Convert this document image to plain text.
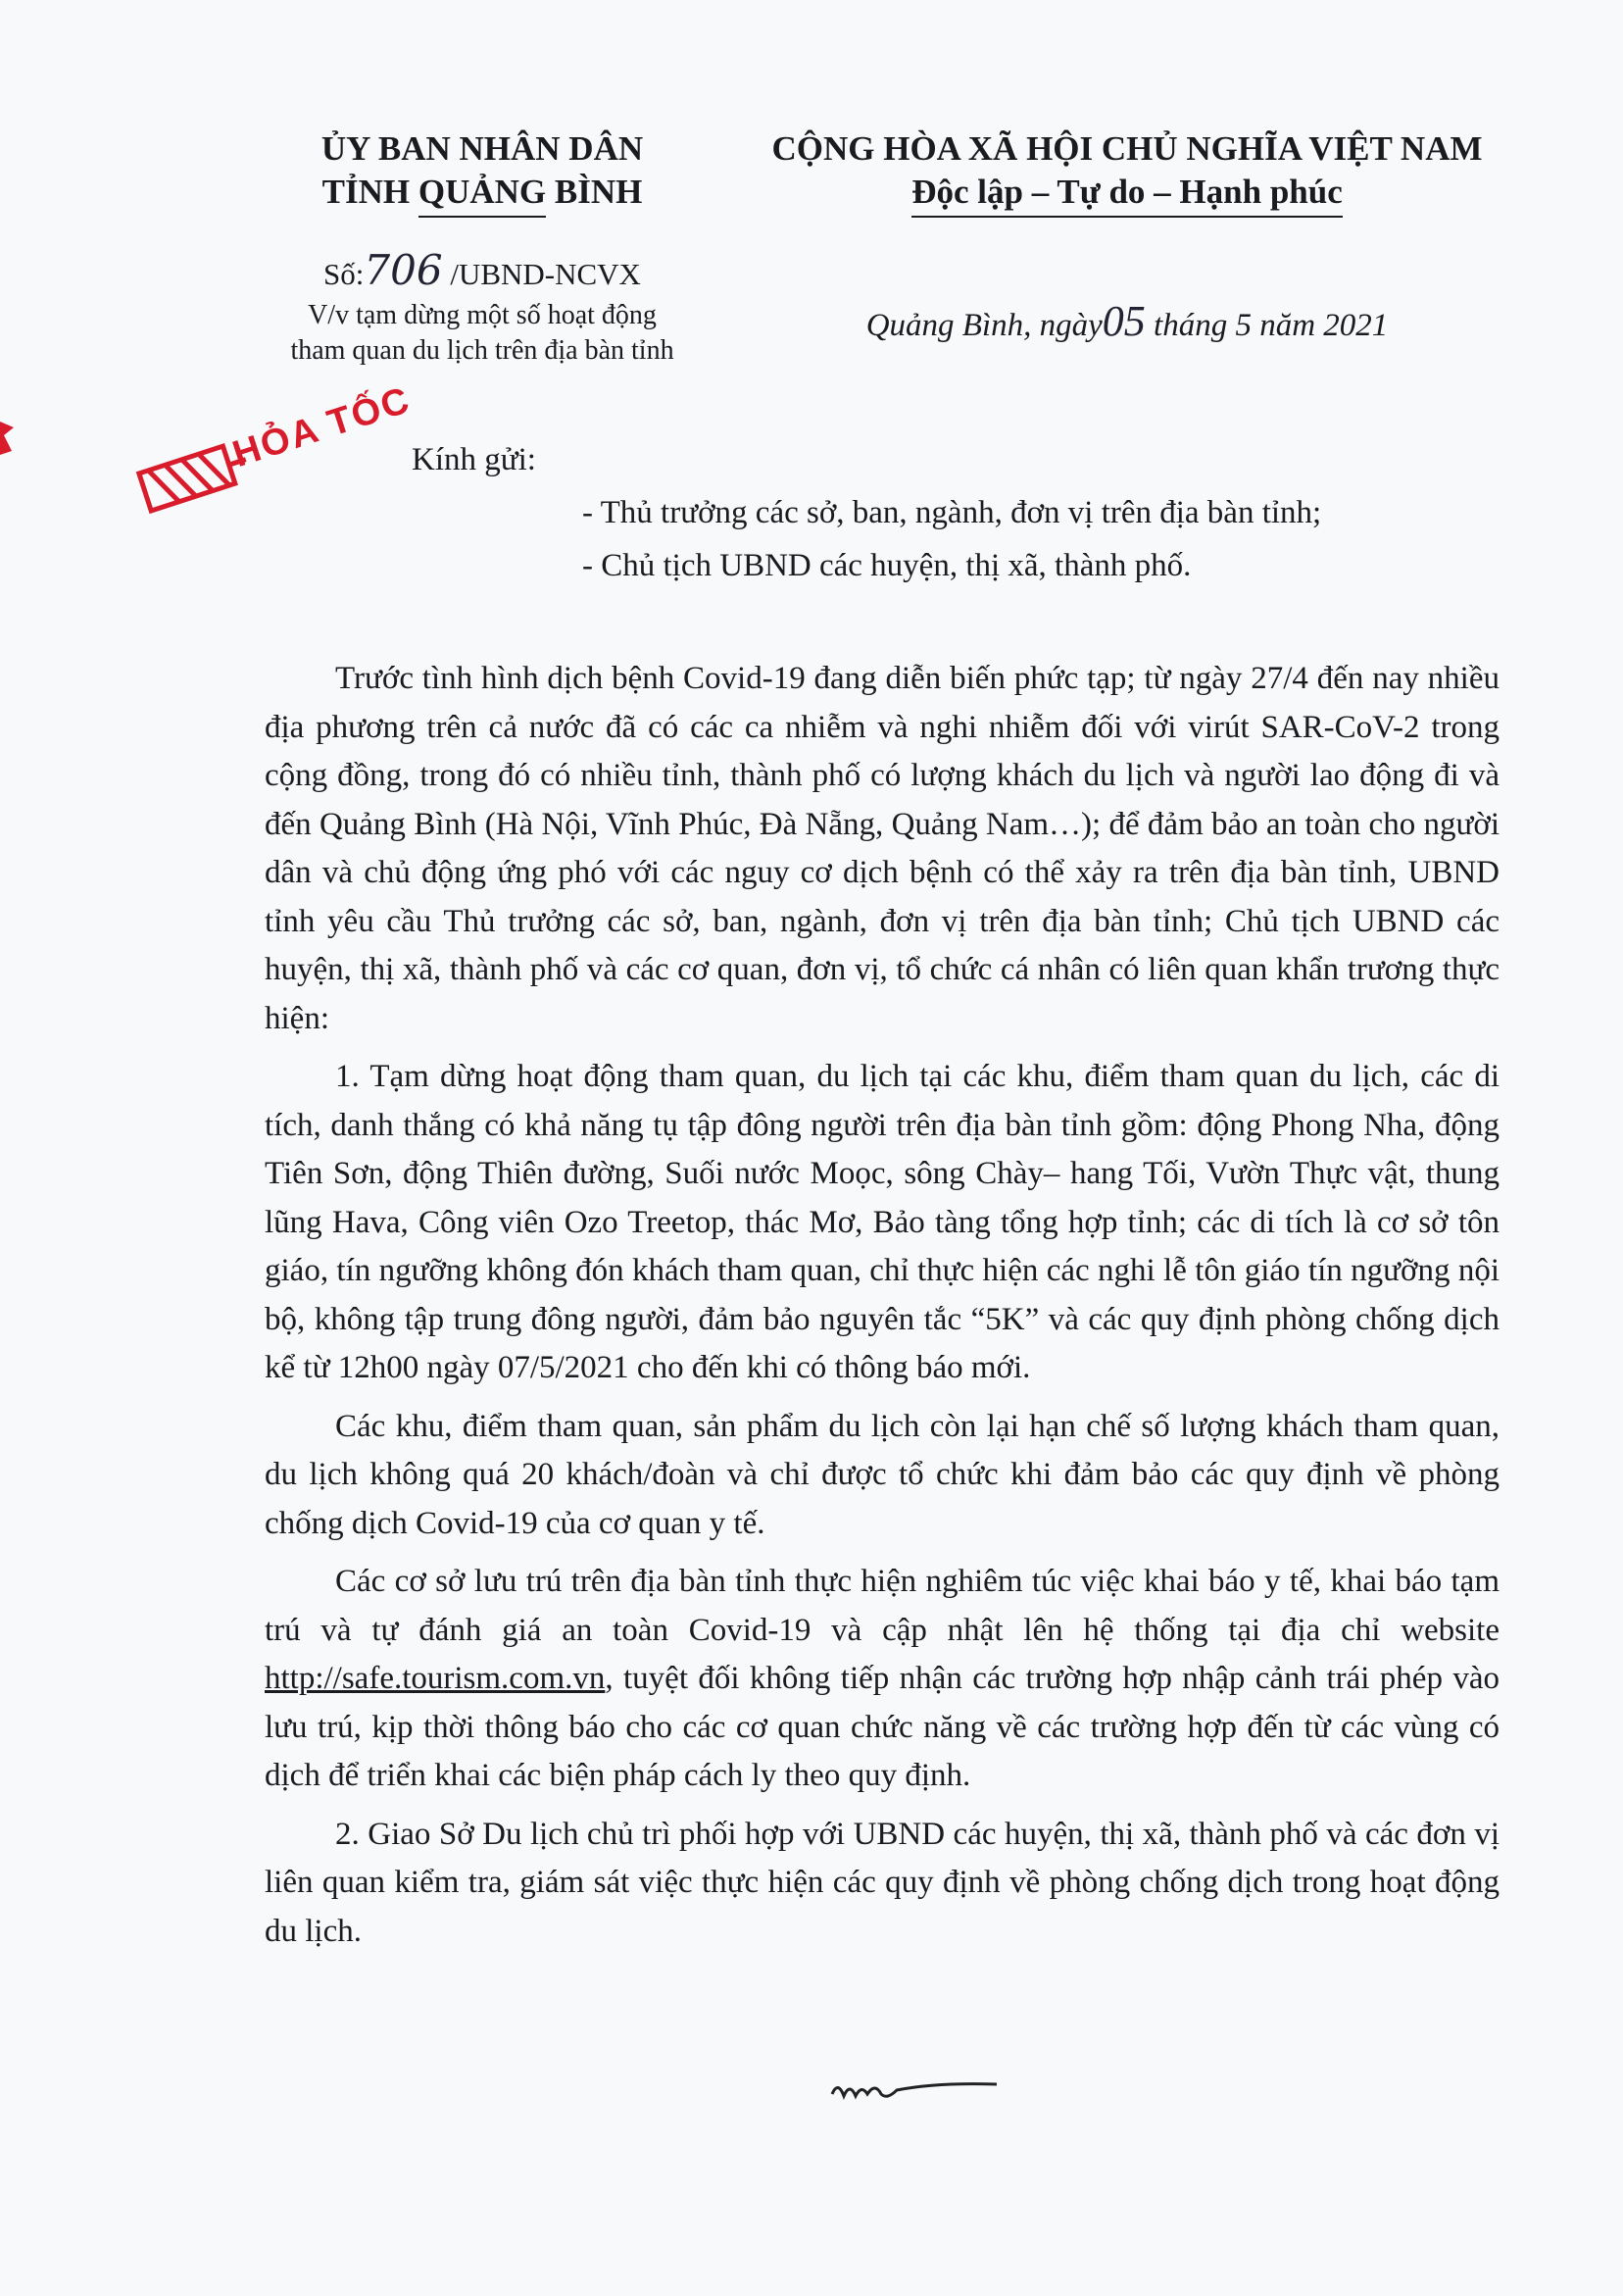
ỦY BAN NHÂN DÂN
TỈNH QUẢNG BÌNH
Số:706 /UBND-NCVX
V/v tạm dừng một số hoạt động
tham quan du lịch trên địa bàn tỉnh
CỘNG HÒA XÃ HỘI CHỦ NGHĨA VIỆT NAM
Độc lập – Tự do – Hạnh phúc
Quảng Bình, ngày05 tháng 5 năm 2021
HỎA TỐC
Kính gửi:
- Thủ trưởng các sở, ban, ngành, đơn vị trên địa bàn tỉnh;
- Chủ tịch UBND các huyện, thị xã, thành phố.

Trước tình hình dịch bệnh Covid-19 đang diễn biến phức tạp; từ ngày 27/4 đến nay nhiều địa phương trên cả nước đã có các ca nhiễm và nghi nhiễm đối với virút SAR-CoV-2 trong cộng đồng, trong đó có nhiều tỉnh, thành phố có lượng khách du lịch và người lao động đi và đến Quảng Bình (Hà Nội, Vĩnh Phúc, Đà Nẵng, Quảng Nam…); để đảm bảo an toàn cho người dân và chủ động ứng phó với các nguy cơ dịch bệnh có thể xảy ra trên địa bàn tỉnh, UBND tỉnh yêu cầu Thủ trưởng các sở, ban, ngành, đơn vị trên địa bàn tỉnh; Chủ tịch UBND các huyện, thị xã, thành phố và các cơ quan, đơn vị, tổ chức cá nhân có liên quan khẩn trương thực hiện:

1. Tạm dừng hoạt động tham quan, du lịch tại các khu, điểm tham quan du lịch, các di tích, danh thắng có khả năng tụ tập đông người trên địa bàn tỉnh gồm: động Phong Nha, động Tiên Sơn, động Thiên đường, Suối nước Moọc, sông Chày– hang Tối, Vườn Thực vật, thung lũng Hava, Công viên Ozo Treetop, thác Mơ, Bảo tàng tổng hợp tỉnh; các di tích là cơ sở tôn giáo, tín ngưỡng không đón khách tham quan, chỉ thực hiện các nghi lễ tôn giáo tín ngưỡng nội bộ, không tập trung đông người, đảm bảo nguyên tắc “5K” và các quy định phòng chống dịch kể từ 12h00 ngày 07/5/2021 cho đến khi có thông báo mới.

Các khu, điểm tham quan, sản phẩm du lịch còn lại hạn chế số lượng khách tham quan, du lịch không quá 20 khách/đoàn và chỉ được tổ chức khi đảm bảo các quy định về phòng chống dịch Covid-19 của cơ quan y tế.

Các cơ sở lưu trú trên địa bàn tỉnh thực hiện nghiêm túc việc khai báo y tế, khai báo tạm trú và tự đánh giá an toàn Covid-19 và cập nhật lên hệ thống tại địa chỉ website http://safe.tourism.com.vn, tuyệt đối không tiếp nhận các trường hợp nhập cảnh trái phép vào lưu trú, kịp thời thông báo cho các cơ quan chức năng về các trường hợp đến từ các vùng có dịch để triển khai các biện pháp cách ly theo quy định.

2. Giao Sở Du lịch chủ trì phối hợp với UBND các huyện, thị xã, thành phố và các đơn vị liên quan kiểm tra, giám sát việc thực hiện các quy định về phòng chống dịch trong hoạt động du lịch.
